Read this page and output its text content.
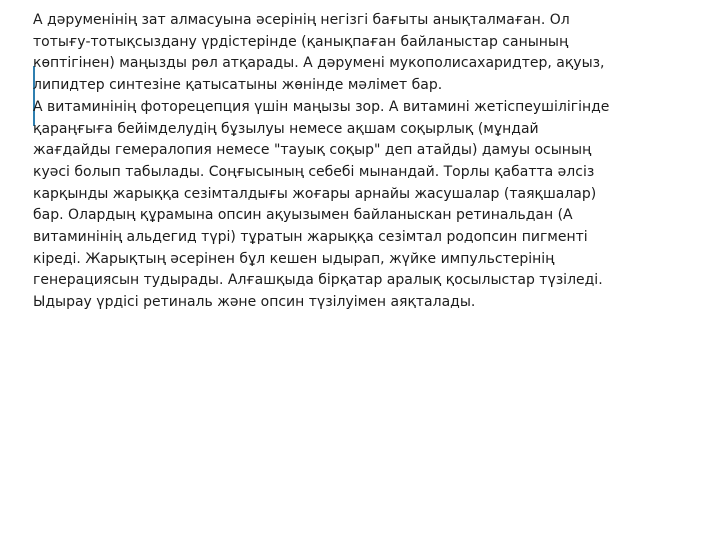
А дәруменінің зат алмасуына әсерінің негізгі бағыты анықталмаған. Ол

тотығу-тотықсыздану үрдістерінде (қанықпаған байланыстар санының

көптігінен) маңызды рөл атқарады. А дәрумені мукополисахаридтер, ақуыз,

липидтер синтезіне қатысатыны жөнінде мәлімет бар.

А витаминінің фоторецепция үшін маңызы зор. А витамині жетіспеушілігінде

қараңғыға бейімделудің бұзылуы немесе ақшам соқырлық (мұндай

жағдайды гемералопия немесе "тауық соқыр" деп атайды) дамуы осының

куәсі болып табылады. Соңғысының себебі мынандай. Торлы қабатта әлсіз

карқынды жарыққа сезімталдығы жоғары арнайы жасушалар (таяқшалар)

бар. Олардың құрамына опсин ақуызымен байланыскан ретинальдан (А

витаминінің альдегид түрі) тұратын жарыққа сезімтал родопсин пигменті

кіреді. Жарықтың әсерінен бұл кешен ыдырап, жүйке импульстерінің

генерациясын тудырады. Алғашқыда бірқатар аралық қосылыстар түзіледі.

Ыдырау үрдісі ретиналь және опсин түзілуімен аяқталады.
